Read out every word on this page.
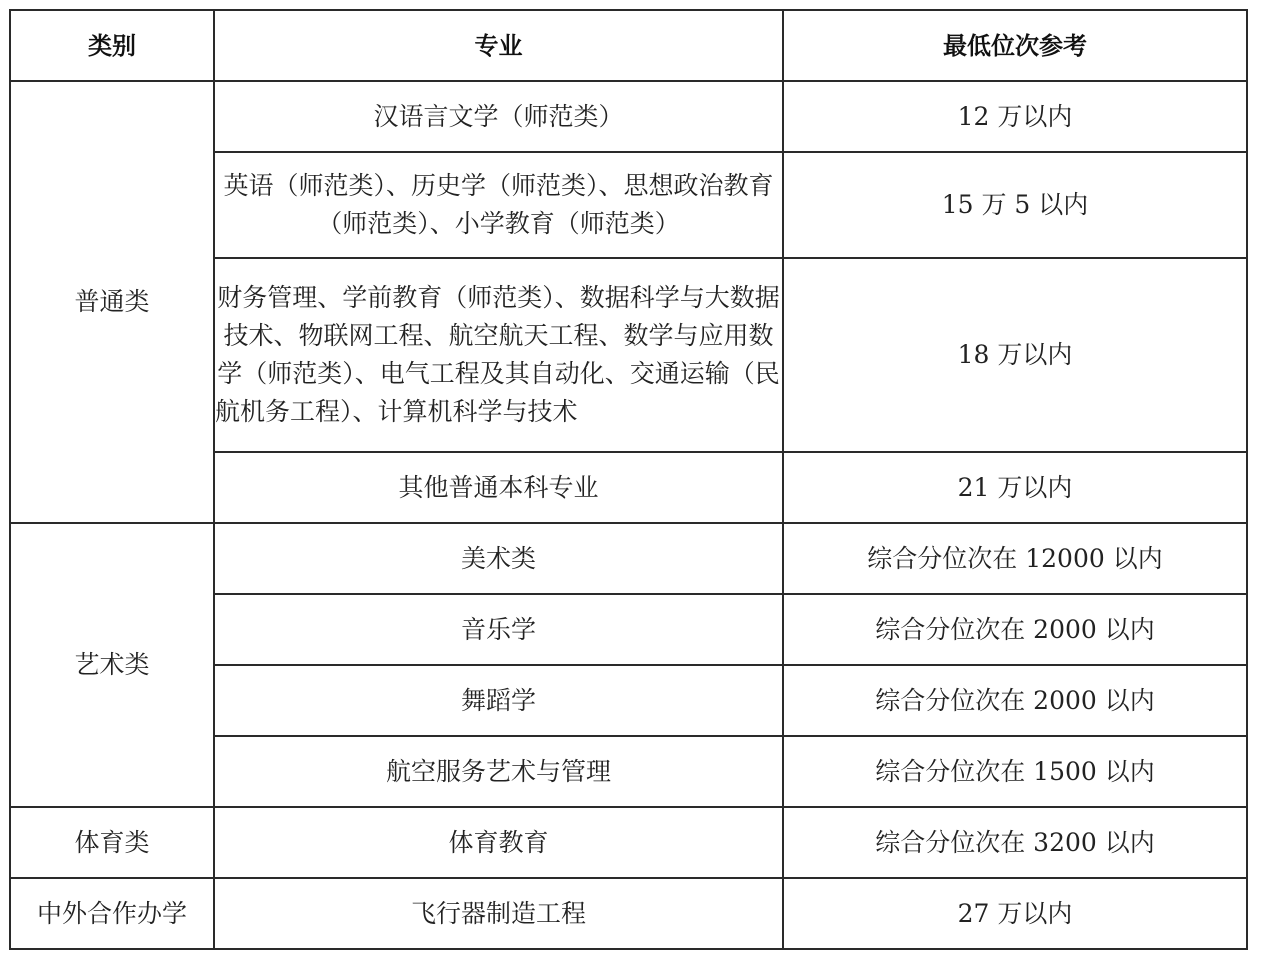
类别	专业	最低位次参考
普通类	汉语言文学（师范类）	12 万以内
	英语（师范类）、历史学（师范类）、思想政治教育（师范类）、小学教育（师范类）	15 万 5 以内
	财务管理、学前教育（师范类）、数据科学与大数据技术、物联网工程、航空航天工程、数学与应用数学（师范类）、电气工程及其自动化、交通运输（民航机务工程）、计算机科学与技术	18 万以内
	其他普通本科专业	21 万以内
艺术类	美术类	综合分位次在 12000 以内
	音乐学	综合分位次在 2000 以内
	舞蹈学	综合分位次在 2000 以内
	航空服务艺术与管理	综合分位次在 1500 以内
体育类	体育教育	综合分位次在 3200 以内
中外合作办学	飞行器制造工程	27 万以内
